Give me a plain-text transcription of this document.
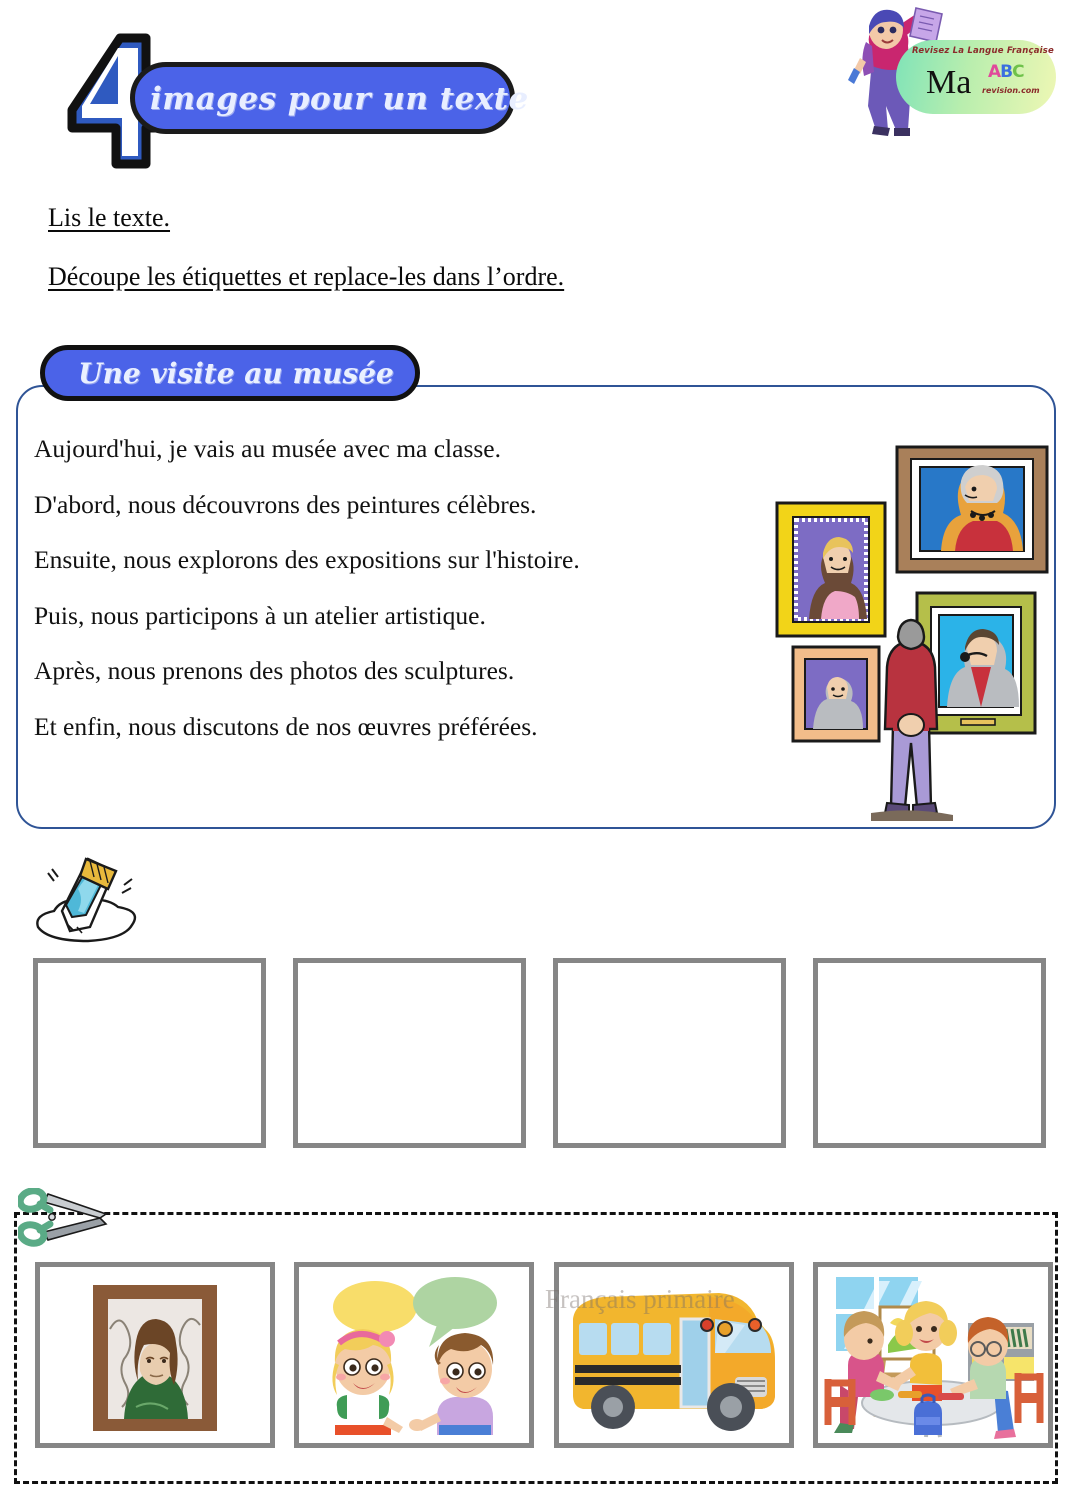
images pour un texte
Revisez La Langue Française
Ma ABC
revision.com
Lis le texte.
Découpe les étiquettes et replace-les dans l’ordre.
Une visite au musée
Aujourd'hui, je vais au musée avec ma classe.
D'abord, nous découvrons des peintures célèbres.
Ensuite, nous explorons des expositions sur l'histoire.
Puis, nous participons à un atelier artistique.
Après, nous prenons des photos des sculptures.
Et enfin, nous discutons de nos œuvres préférées.
Français primaire
